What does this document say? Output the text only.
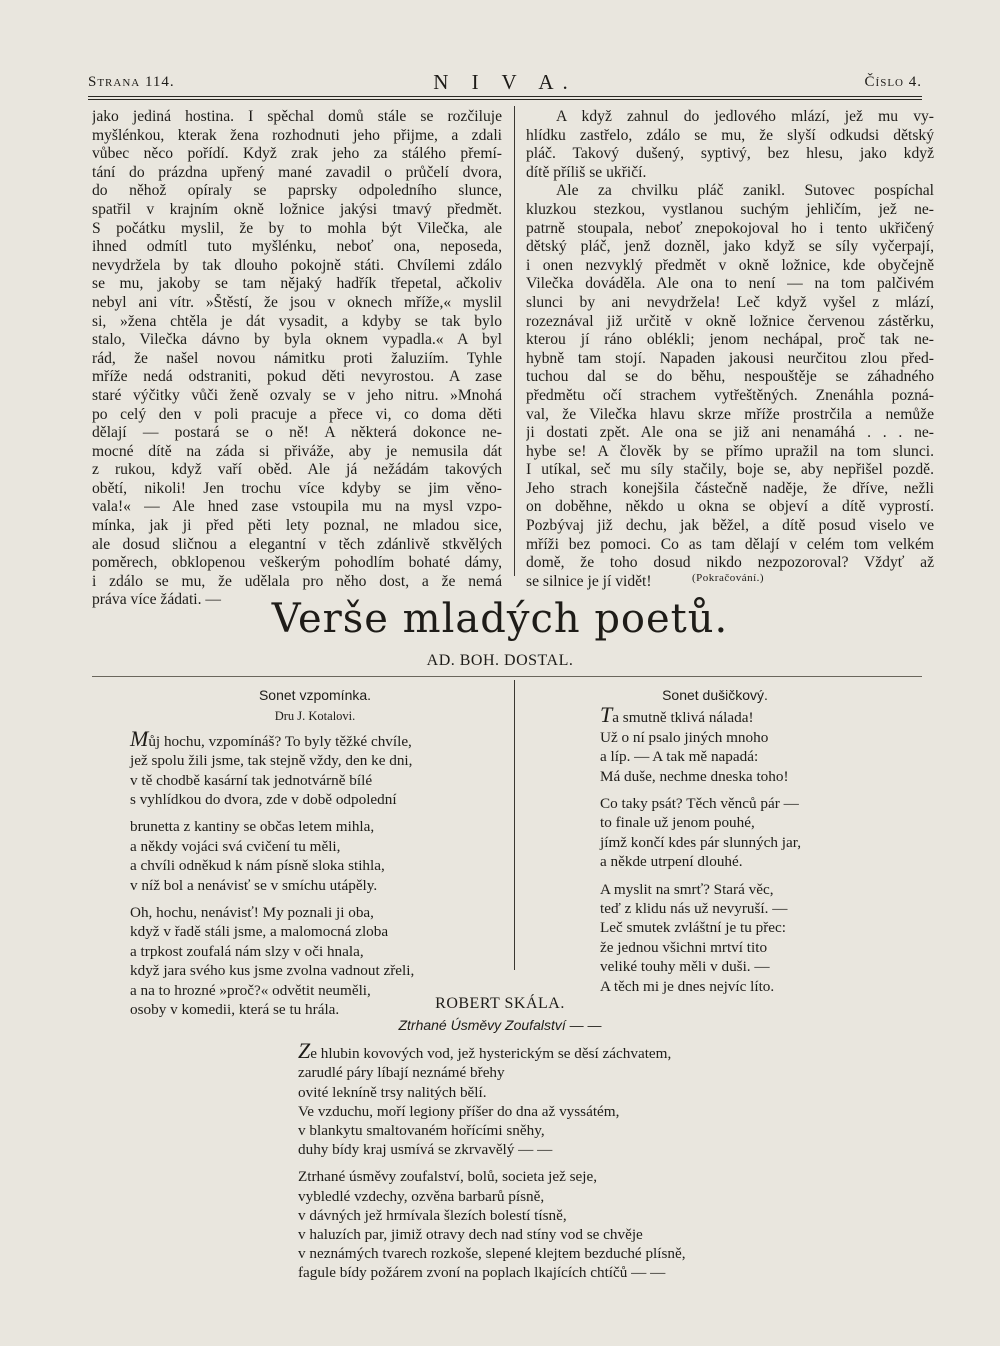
Strana 114.	N I V A.	Číslo 4.
jako jediná hostina. I spěchal domů stále se rozčiluje
myšlénkou, kterak žena rozhodnuti jeho přijme, a zdali
vůbec něco pořídí. Když zrak jeho za stálého přemí-
tání do prázdna upřený mané zavadil o průčelí dvora,
do něhož opíraly se paprsky odpoledního slunce,
spatřil v krajním okně ložnice jakýsi tmavý předmět.
S počátku myslil, že by to mohla být Vilečka, ale
ihned odmítl tuto myšlénku, neboť ona, neposeda,
nevydržela by tak dlouho pokojně státi. Chvílemi zdálo
se mu, jakoby se tam nějaký hadřík třepetal, ačkoliv
nebyl ani vítr. »Štěstí, že jsou v oknech mříže,« myslil
si, »žena chtěla je dát vysadit, a kdyby se tak bylo
stalo, Vilečka dávno by byla oknem vypadla.« A byl
rád, že našel novou námitku proti žaluziím. Tyhle
mříže nedá odstraniti, pokud děti nevyrostou. A zase
staré výčitky vůči ženě ozvaly se v jeho nitru. »Mnohá
po celý den v poli pracuje a přece vi, co doma děti
dělají — postará se o ně! A některá dokonce ne-
mocné dítě na záda si přiváže, aby je nemusila dát
z rukou, když vaří oběd. Ale já nežádám takových
obětí, nikoli! Jen trochu více kdyby se jim věno-
vala!« — Ale hned zase vstoupila mu na mysl vzpo-
mínka, jak ji před pěti lety poznal, ne mladou sice,
ale dosud sličnou a elegantní v těch zdánlivě stkvělých
poměrech, obklopenou veškerým pohodlím bohaté dámy,
i zdálo se mu, že udělala pro něho dost, a že nemá
práva více žádati. —
A když zahnul do jedlového mlází, jež mu vy-
hlídku zastřelo, zdálo se mu, že slyší odkudsi dětský
pláč. Takový dušený, syptivý, bez hlesu, jako když
dítě příliš se ukřičí.
Ale za chvilku pláč zanikl. Sutovec pospíchal
kluzkou stezkou, vystlanou suchým jehličím, jež ne-
patrně stoupala, neboť znepokojoval ho i tento ukřičený
dětský pláč, jenž dozněl, jako když se síly vyčerpají,
i onen nezvyklý předmět v okně ložnice, kde obyčejně
Vilečka dováděla. Ale ona to není — na tom palčivém
slunci by ani nevydržela! Leč když vyšel z mlází,
rozeznával již určitě v okně ložnice červenou zástěrku,
kterou jí ráno oblékli; jenom nechápal, proč tak ne-
hybně tam stojí. Napaden jakousi neurčitou zlou před-
tuchou dal se do běhu, nespouštěje se záhadného
předmětu očí strachem vytřeštěných. Znenáhla pozná-
val, že Vilečka hlavu skrze mříže prostrčila a nemůže
ji dostati zpět. Ale ona se již ani nenamáhá . . . ne-
hybe se! A člověk by se přímo upražil na tom slunci.
I utíkal, seč mu síly stačily, boje se, aby nepřišel pozdě.
Jeho strach konejšila částečně naděje, že dříve, nežli
on doběhne, někdo u okna se objeví a dítě vyprostí.
Pozbývaj již dechu, jak běžel, a dítě posud viselo ve
mříži bez pomoci. Co as tam dělají v celém tom velkém
domě, že toho dosud nikdo nezpozoroval? Vždyť až
se silnice je jí vidět!	(Pokračování.)
Verše mladých poetů.
AD. BOH. DOSTAL.
Sonet vzpomínka.
Dru J. Kotalovi.
Můj hochu, vzpomínáš? To byly těžké chvíle,
jež spolu žili jsme, tak stejně vždy, den ke dni,
v tě chodbě kasární tak jednotvárně bílé
s vyhlídkou do dvora, zde v době odpolední
brunetta z kantiny se občas letem mihla,
a někdy vojáci svá cvičení tu měli,
a chvíli odněkud k nám písně sloka stihla,
v níž bol a nenávisť se v smíchu utápěly.
Oh, hochu, nenávisť! My poznali ji oba,
když v řadě stáli jsme, a malomocná zloba
a trpkost zoufalá nám slzy v oči hnala,
když jara svého kus jsme zvolna vadnout zřeli,
a na to hrozné »proč?« odvětit neuměli,
osoby v komedii, která se tu hrála.
Sonet dušičkový.
Ta smutně tklivá nálada!
Už o ní psalo jiných mnoho
a líp. — A tak mě napadá:
Má duše, nechme dneska toho!
Co taky psát? Těch věnců pár —
to finale už jenom pouhé,
jímž končí kdes pár slunných jar,
a někde utrpení dlouhé.
A myslit na smrť? Stará věc,
teď z klidu nás už nevyruší. —
Leč smutek zvláštní je tu přec:
že jednou všichni mrtví tito
veliké touhy měli v duši. —
A těch mi je dnes nejvíc líto.
ROBERT SKÁLA.
Ztrhané Úsměvy Zoufalství — —
Ze hlubin kovových vod, jež hysterickým se děsí záchvatem,
zarudlé páry líbají neznámé břehy
ovité lekníně trsy nalitých bělí.
Ve vzduchu, moří legiony příšer do dna až vyssátém,
v blankytu smaltovaném hořícími sněhy,
duhy bídy kraj usmívá se zkrvavělý — —
Ztrhané úsměvy zoufalství, bolů, societa jež seje,
vybledlé vzdechy, ozvěna barbarů písně,
v dávných jež hrmívala šlezích bolestí tísně,
v haluzích par, jimiž otravy dech nad stíny vod se chvěje
v neznámých tvarech rozkoše, slepené klejtem bezduché plísně,
fagule bídy požárem zvoní na poplach lkajících chtíčů — —
